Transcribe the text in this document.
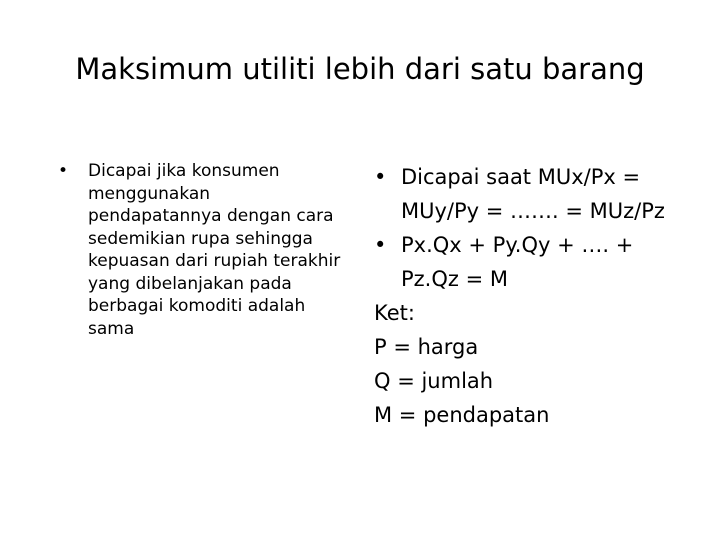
Maksimum utiliti lebih dari satu barang
• Dicapai jika konsumen menggunakan pendapatannya dengan cara sedemikian rupa sehingga kepuasan dari rupiah terakhir yang dibelanjakan pada berbagai komoditi adalah sama
• Dicapai saat MUx/Px = MUy/Py = ……. = MUz/Pz
• Px.Qx + Py.Qy + …. + Pz.Qz = M

Ket:

P = harga

Q = jumlah

M = pendapatan
